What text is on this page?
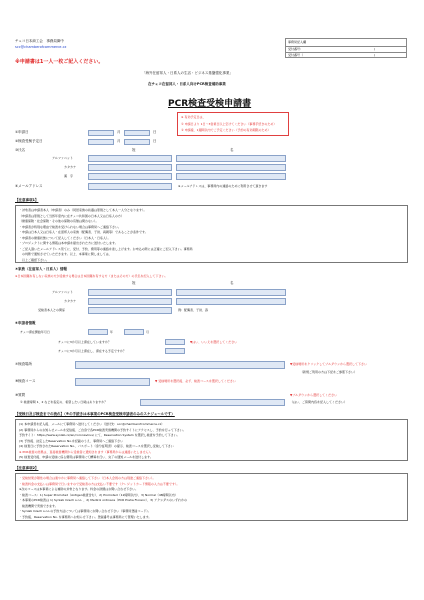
チェコ日本商工会　事務局御中
scc@chamberofcommerce.cz
事務局記入欄
受付番号：	)
受付番号（	)
※申請書は1一人一枚ご記入ください。
「海外在留邦人・日系人の生活・ビジネス基盤強化事業」
在チェコ在留邦人・日系人向けPCR検査補助事業
PCR検査受検申請書
※ 有効予定日は、
① 申請日より 1日～3営業日以上空けてください（事務手続きのため）
② 申請後、1週間以内でご予定ください（予約の有効期限のため）
①申請日	月	日
②検査受検予定日	月	日
③氏名	姓	名
アルファベット
カタカナ
漢　字
④メールアドレス	※メールアドレスは、事務局内の連絡のために利用させて頂きます
【注意事項1】
・対象者は申請者本人（申請者）のみ（同居家族の扶養は原則として本人一人分となります）。
（申請者は原則として当該年度内に在チェコ共和国の日本人又は日系人の方）
（健康保険・社会保険・その他の保険の有無は問わない）。
・申請者が特別な理由で検査を受けられない場合は事務局へご連絡下さい。
・申請は日本人又は日系人・在留邦人の家族（配偶者、子供、両親等）であることが条件です。
・申請者の健康状態について記入してください（日本人・日系人）。
・プロジェクトに関する情報は本申請を提出された方に送付いたします。
・ご記入頂いたメールアドレス宛てに、受付、予約、費用等の連絡を差し上げます。お申込の際には正確にご記入下さい。事務局
　の判断で通知させていただきます。以上、本事業に関しましては、
　以上ご確認下さい。
⑤家族（在留邦人・日系人）情報
※日本国籍を有しない家族の方が受検する場合は日本国籍を有する方（またはその方）の氏名を記入して下さい。
姓	名
アルファベット
カタカナ
受検者本人との関係	例：配偶者、子供、孫
⑥申請者情報
チェコ滞在開始年月日	年	月
チェコに3か月以上滞在していますか？	▼はい、いいえを選択してください
チェコに3か月以上滞在し、滞在する予定ですか？
⑦検査場所	▼受検場所をクリックしてプルダウンから選択して下さい
（新規ご利用の方は下記をご参照下さい）
⑧検査コース	▼ 受検場所を選択後、必ず、検査コースを選択してください
⑨質問
① 検査時間 1、2 などを指定の、希望したい日時はありますか？
▼ブルダウンから選択してください
（はい、ご質問内容を記入してください）
【受検日及び検査までの流れ】（※の手続きは本事業のPCR検査受検申請者のみのスケジュールです）
(1) 本申請書を記入後、メールにて事務局へ送付してください（送付先：scc@chamberofcommerce.cz）
(2) 事務局からのお知らせメールを受信後、ご自身で各PCR検査実施機関の予約サイトにアクセスし、予約を行って下さい。
予約サイト：https://www.synlab.cz/en/coronavirus/ にて、Reservation System を選択し検査を予約して下さい。
(3) 予約後、決定したReservation No.を記載のうえ、事務局へご連絡下さい
(4) 検査日に予約されたReservation No.、パスポート（身分証明書）の提示、検査コースを選択し受検して下さい
※ PCR検査の結果は、直接検査機関から受検者に通知されます（事務局からは連絡いたしません）。
(5) 検査受付後、申請の受検に係る費用は事務局にて精算を行い、完了の通知メールを送付します。
【注意事項2】
・受検結果が陽性の場合は速やかに事務局へ連絡して下さい（日本人会員の方は別途ご連絡下さい）。
・検査料金の支払いは事務局で行いますので受検者の方は支払い不要です（クレジットカード情報の入力は不要です）。
※次のコースは本事業による補助の対象となります。料金の詳細はお問い合わせ下さい。
・検査コース：1) Super Promoted（Antigen検査含む）、2) Promoted（12時間以内）、3) Normal（48時間以内）
・本事業のPCR検査は 1) Synlab Czech s.r.o. 、2) Medirol ordinace（PCR Praha Florenc）、3) アクシダスのいずれかの
　検査機関で実施できます。
・Synlab Czech s.r.o.の予約方法については事務局にお問い合わせ下さい（事務局登録コード）。
・予約後、Reservation No. を事務局へお知らせ下さい。登録番号は事務局にて管理いたします。
